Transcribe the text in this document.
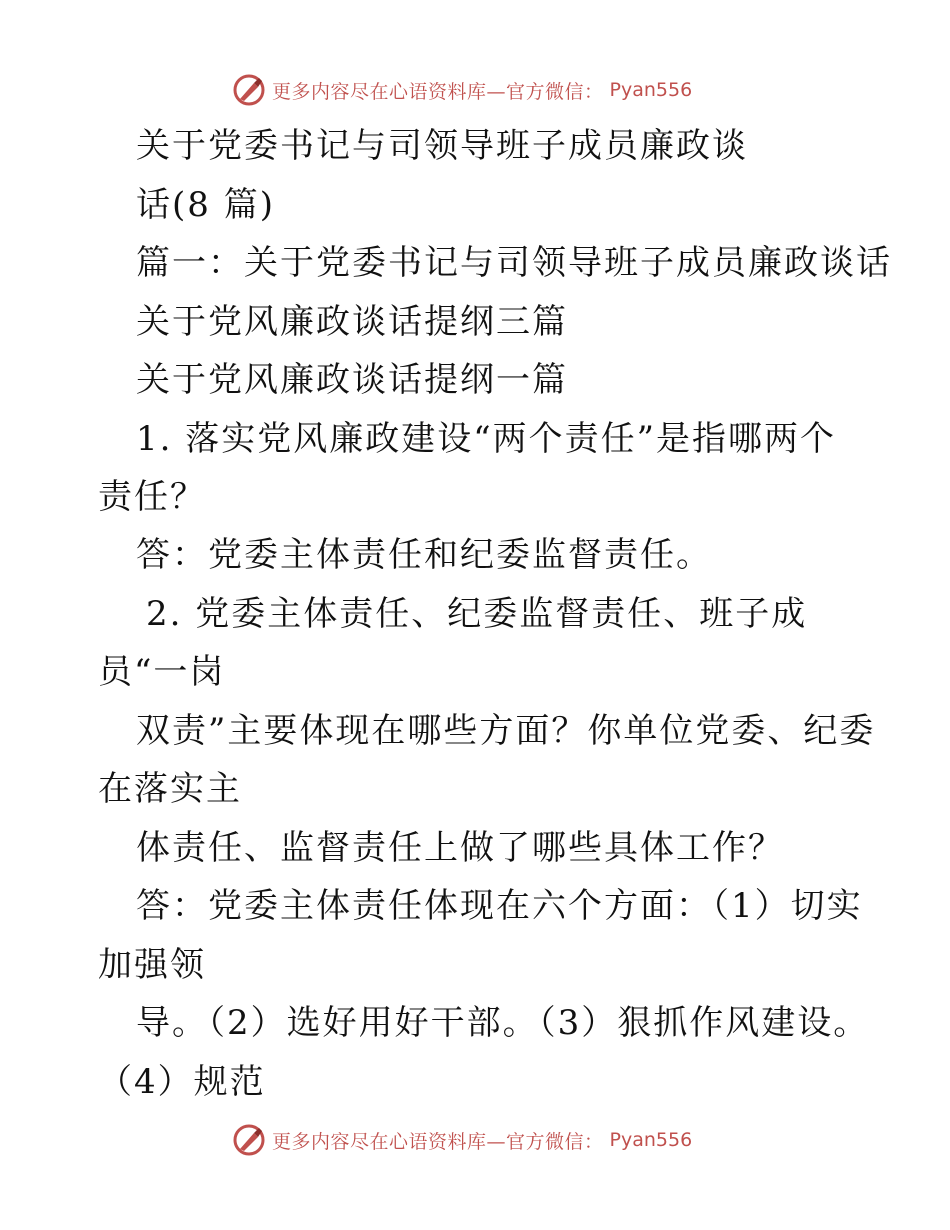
更多内容尽在心语资料库—官方微信： Pyan556
关于党委书记与司领导班子成员廉政谈
话(8 篇)
篇一：关于党委书记与司领导班子成员廉政谈话
关于党风廉政谈话提纲三篇
关于党风廉政谈话提纲一篇
1. 落实党风廉政建设“两个责任”是指哪两个
责任？
答：党委主体责任和纪委监督责任。
2. 党委主体责任、纪委监督责任、班子成
员“一岗
双责”主要体现在哪些方面？你单位党委、纪委
在落实主
体责任、监督责任上做了哪些具体工作？
答：党委主体责任体现在六个方面：（1）切实
加强领
导。（2）选好用好干部。（3）狠抓作风建设。
（4）规范
更多内容尽在心语资料库—官方微信： Pyan556
